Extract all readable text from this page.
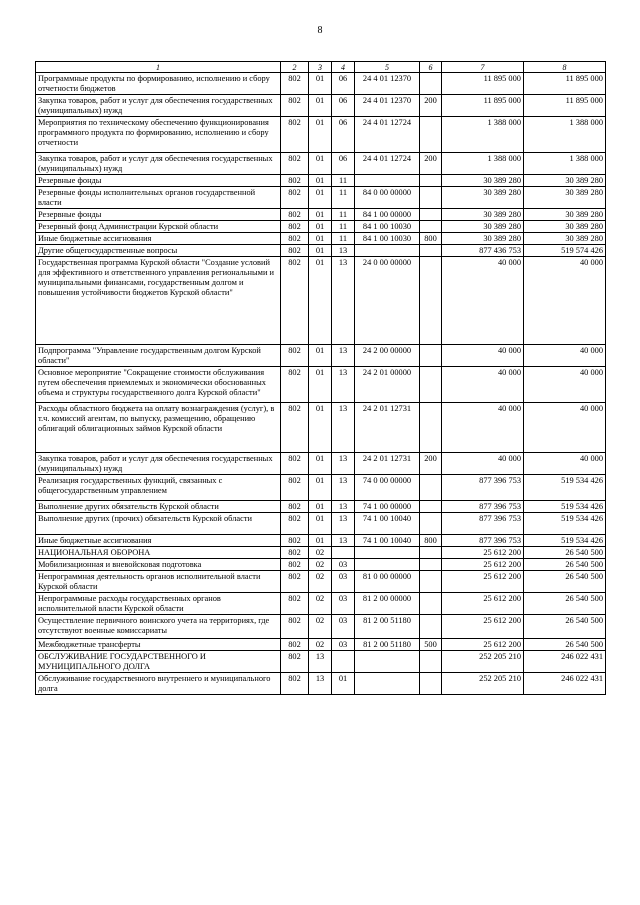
8
1	2	3	4	5	6	7	8
Программные продукты по формированию, исполнению и сбору отчетности бюджетов	802	01	06	24 4 01 12370		11 895 000	11 895 000
Закупка товаров, работ и услуг для обеспечения государственных (муниципальных) нужд	802	01	06	24 4 01 12370	200	11 895 000	11 895 000
Мероприятия по техническому обеспечению функционирования программного продукта по формированию, исполнению и сбору отчетности	802	01	06	24 4 01 12724		1 388 000	1 388 000
Закупка товаров, работ и услуг для обеспечения государственных (муниципальных) нужд	802	01	06	24 4 01 12724	200	1 388 000	1 388 000
Резервные фонды	802	01	11			30 389 280	30 389 280
Резервные фонды исполнительных органов государственной власти	802	01	11	84 0 00 00000		30 389 280	30 389 280
Резервные фонды	802	01	11	84 1 00 00000		30 389 280	30 389 280
Резервный фонд Администрации Курской области	802	01	11	84 1 00 10030		30 389 280	30 389 280
Иные бюджетные ассигнования	802	01	11	84 1 00 10030	800	30 389 280	30 389 280
Другие общегосударственные вопросы	802	01	13			877 436 753	519 574 426
Государственная программа Курской области "Создание условий для эффективного и ответственного управления региональными и муниципальными финансами, государственным долгом и повышения устойчивости бюджетов Курской области"	802	01	13	24 0 00 00000		40 000	40 000
Подпрограмма "Управление государственным долгом Курской области"	802	01	13	24 2 00 00000		40 000	40 000
Основное мероприятие "Сокращение стоимости обслуживания путем обеспечения приемлемых и экономически обоснованных объема и структуры государственного долга Курской области"	802	01	13	24 2 01 00000		40 000	40 000
Расходы областного бюджета на оплату вознаграждения (услуг), в т.ч. комиссий агентам, по выпуску, размещению, обращению облигаций облигационных займов Курской области	802	01	13	24 2 01 12731		40 000	40 000
Закупка товаров, работ и услуг для обеспечения государственных (муниципальных) нужд	802	01	13	24 2 01 12731	200	40 000	40 000
Реализация государственных функций, связанных с общегосударственным управлением	802	01	13	74 0 00 00000		877 396 753	519 534 426
Выполнение других обязательств Курской области	802	01	13	74 1 00 00000		877 396 753	519 534 426
Выполнение других (прочих) обязательств Курской области	802	01	13	74 1 00 10040		877 396 753	519 534 426
Иные бюджетные ассигнования	802	01	13	74 1 00 10040	800	877 396 753	519 534 426
НАЦИОНАЛЬНАЯ ОБОРОНА	802	02				25 612 200	26 540 500
Мобилизационная и вневойсковая подготовка	802	02	03			25 612 200	26 540 500
Непрограммная деятельность органов исполнительной власти Курской области	802	02	03	81 0 00 00000		25 612 200	26 540 500
Непрограммные расходы государственных органов исполнительной власти Курской области	802	02	03	81 2 00 00000		25 612 200	26 540 500
Осуществление первичного воинского учета на территориях, где отсутствуют военные комиссариаты	802	02	03	81 2 00 51180		25 612 200	26 540 500
Межбюджетные трансферты	802	02	03	81 2 00 51180	500	25 612 200	26 540 500
ОБСЛУЖИВАНИЕ ГОСУДАРСТВЕННОГО И МУНИЦИПАЛЬНОГО ДОЛГА	802	13				252 205 210	246 022 431
Обслуживание государственного внутреннего и муниципального долга	802	13	01			252 205 210	246 022 431
